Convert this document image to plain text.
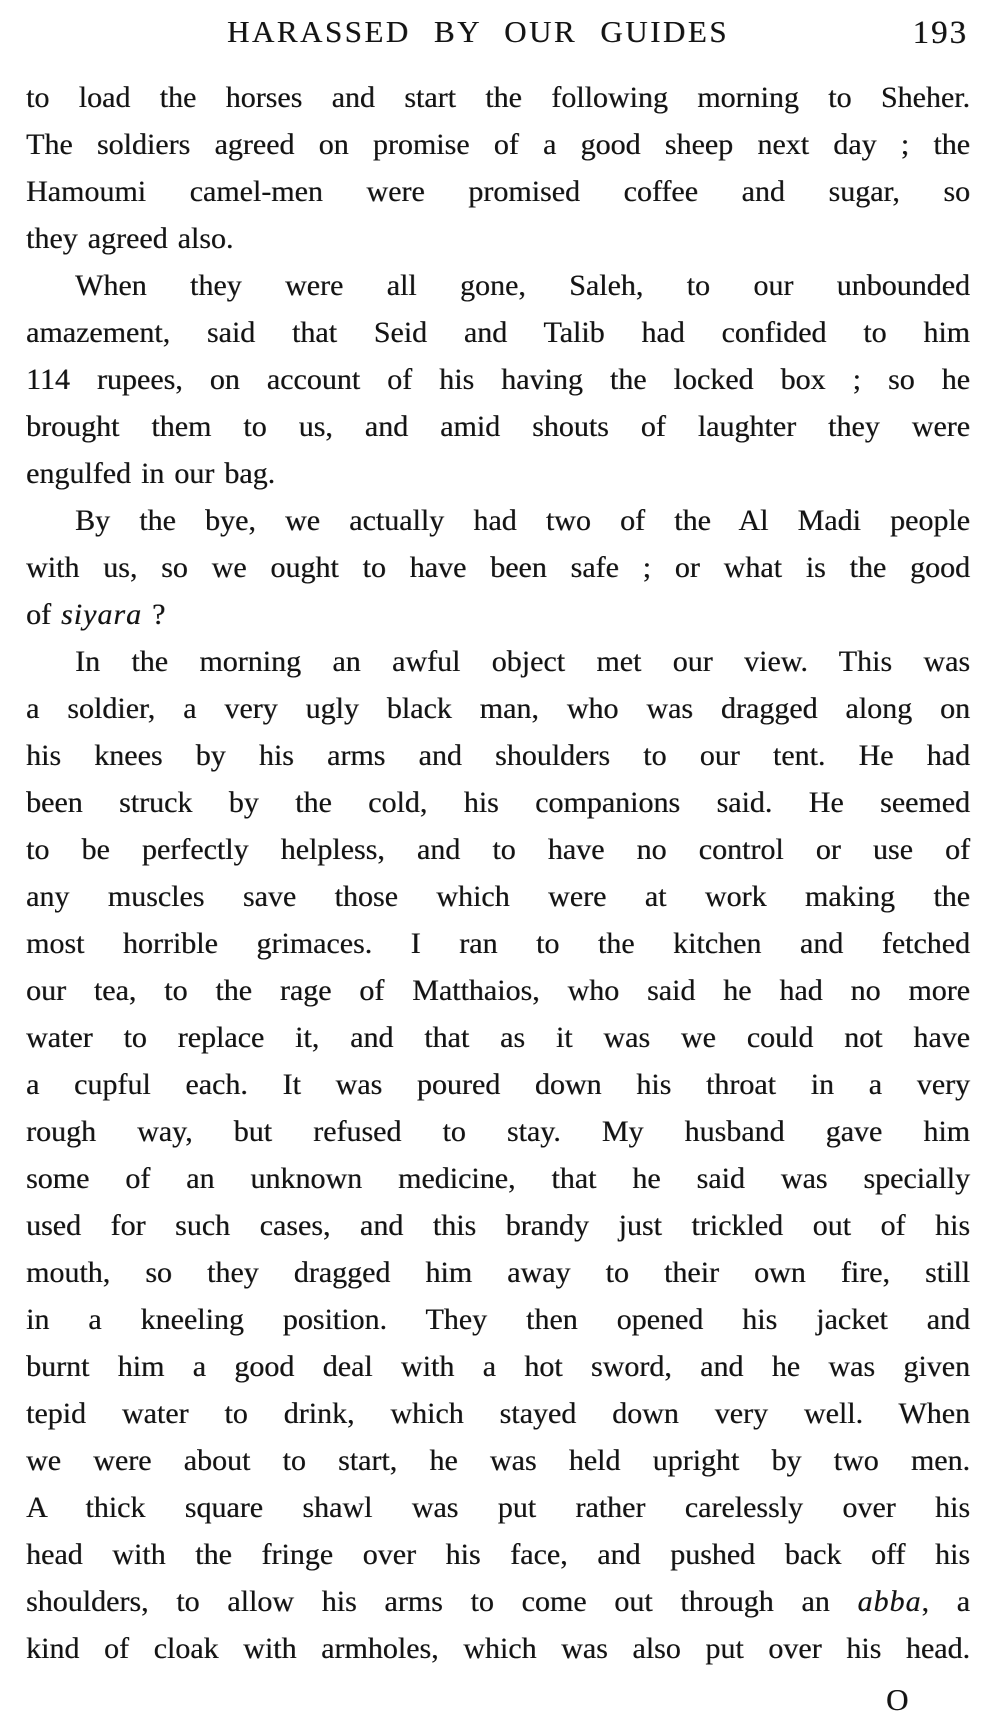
HARASSED BY OUR GUIDES	193
to load the horses and start the following morning to Sheher.
The soldiers agreed on promise of a good sheep next day ; the
Hamoumi camel-men were promised coffee and sugar, so
they agreed also.
When they were all gone, Saleh, to our unbounded
amazement, said that Seid and Talib had confided to him
114 rupees, on account of his having the locked box ; so he
brought them to us, and amid shouts of laughter they were
engulfed in our bag.
By the bye, we actually had two of the Al Madi people
with us, so we ought to have been safe ; or what is the good
of siyara ?
In the morning an awful object met our view. This was
a soldier, a very ugly black man, who was dragged along on
his knees by his arms and shoulders to our tent. He had
been struck by the cold, his companions said. He seemed
to be perfectly helpless, and to have no control or use of
any muscles save those which were at work making the
most horrible grimaces. I ran to the kitchen and fetched
our tea, to the rage of Matthaios, who said he had no more
water to replace it, and that as it was we could not have
a cupful each. It was poured down his throat in a very
rough way, but refused to stay. My husband gave him
some of an unknown medicine, that he said was specially
used for such cases, and this brandy just trickled out of his
mouth, so they dragged him away to their own fire, still
in a kneeling position. They then opened his jacket and
burnt him a good deal with a hot sword, and he was given
tepid water to drink, which stayed down very well. When
we were about to start, he was held upright by two men.
A thick square shawl was put rather carelessly over his
head with the fringe over his face, and pushed back off his
shoulders, to allow his arms to come out through an abba, a
kind of cloak with armholes, which was also put over his head.
O
